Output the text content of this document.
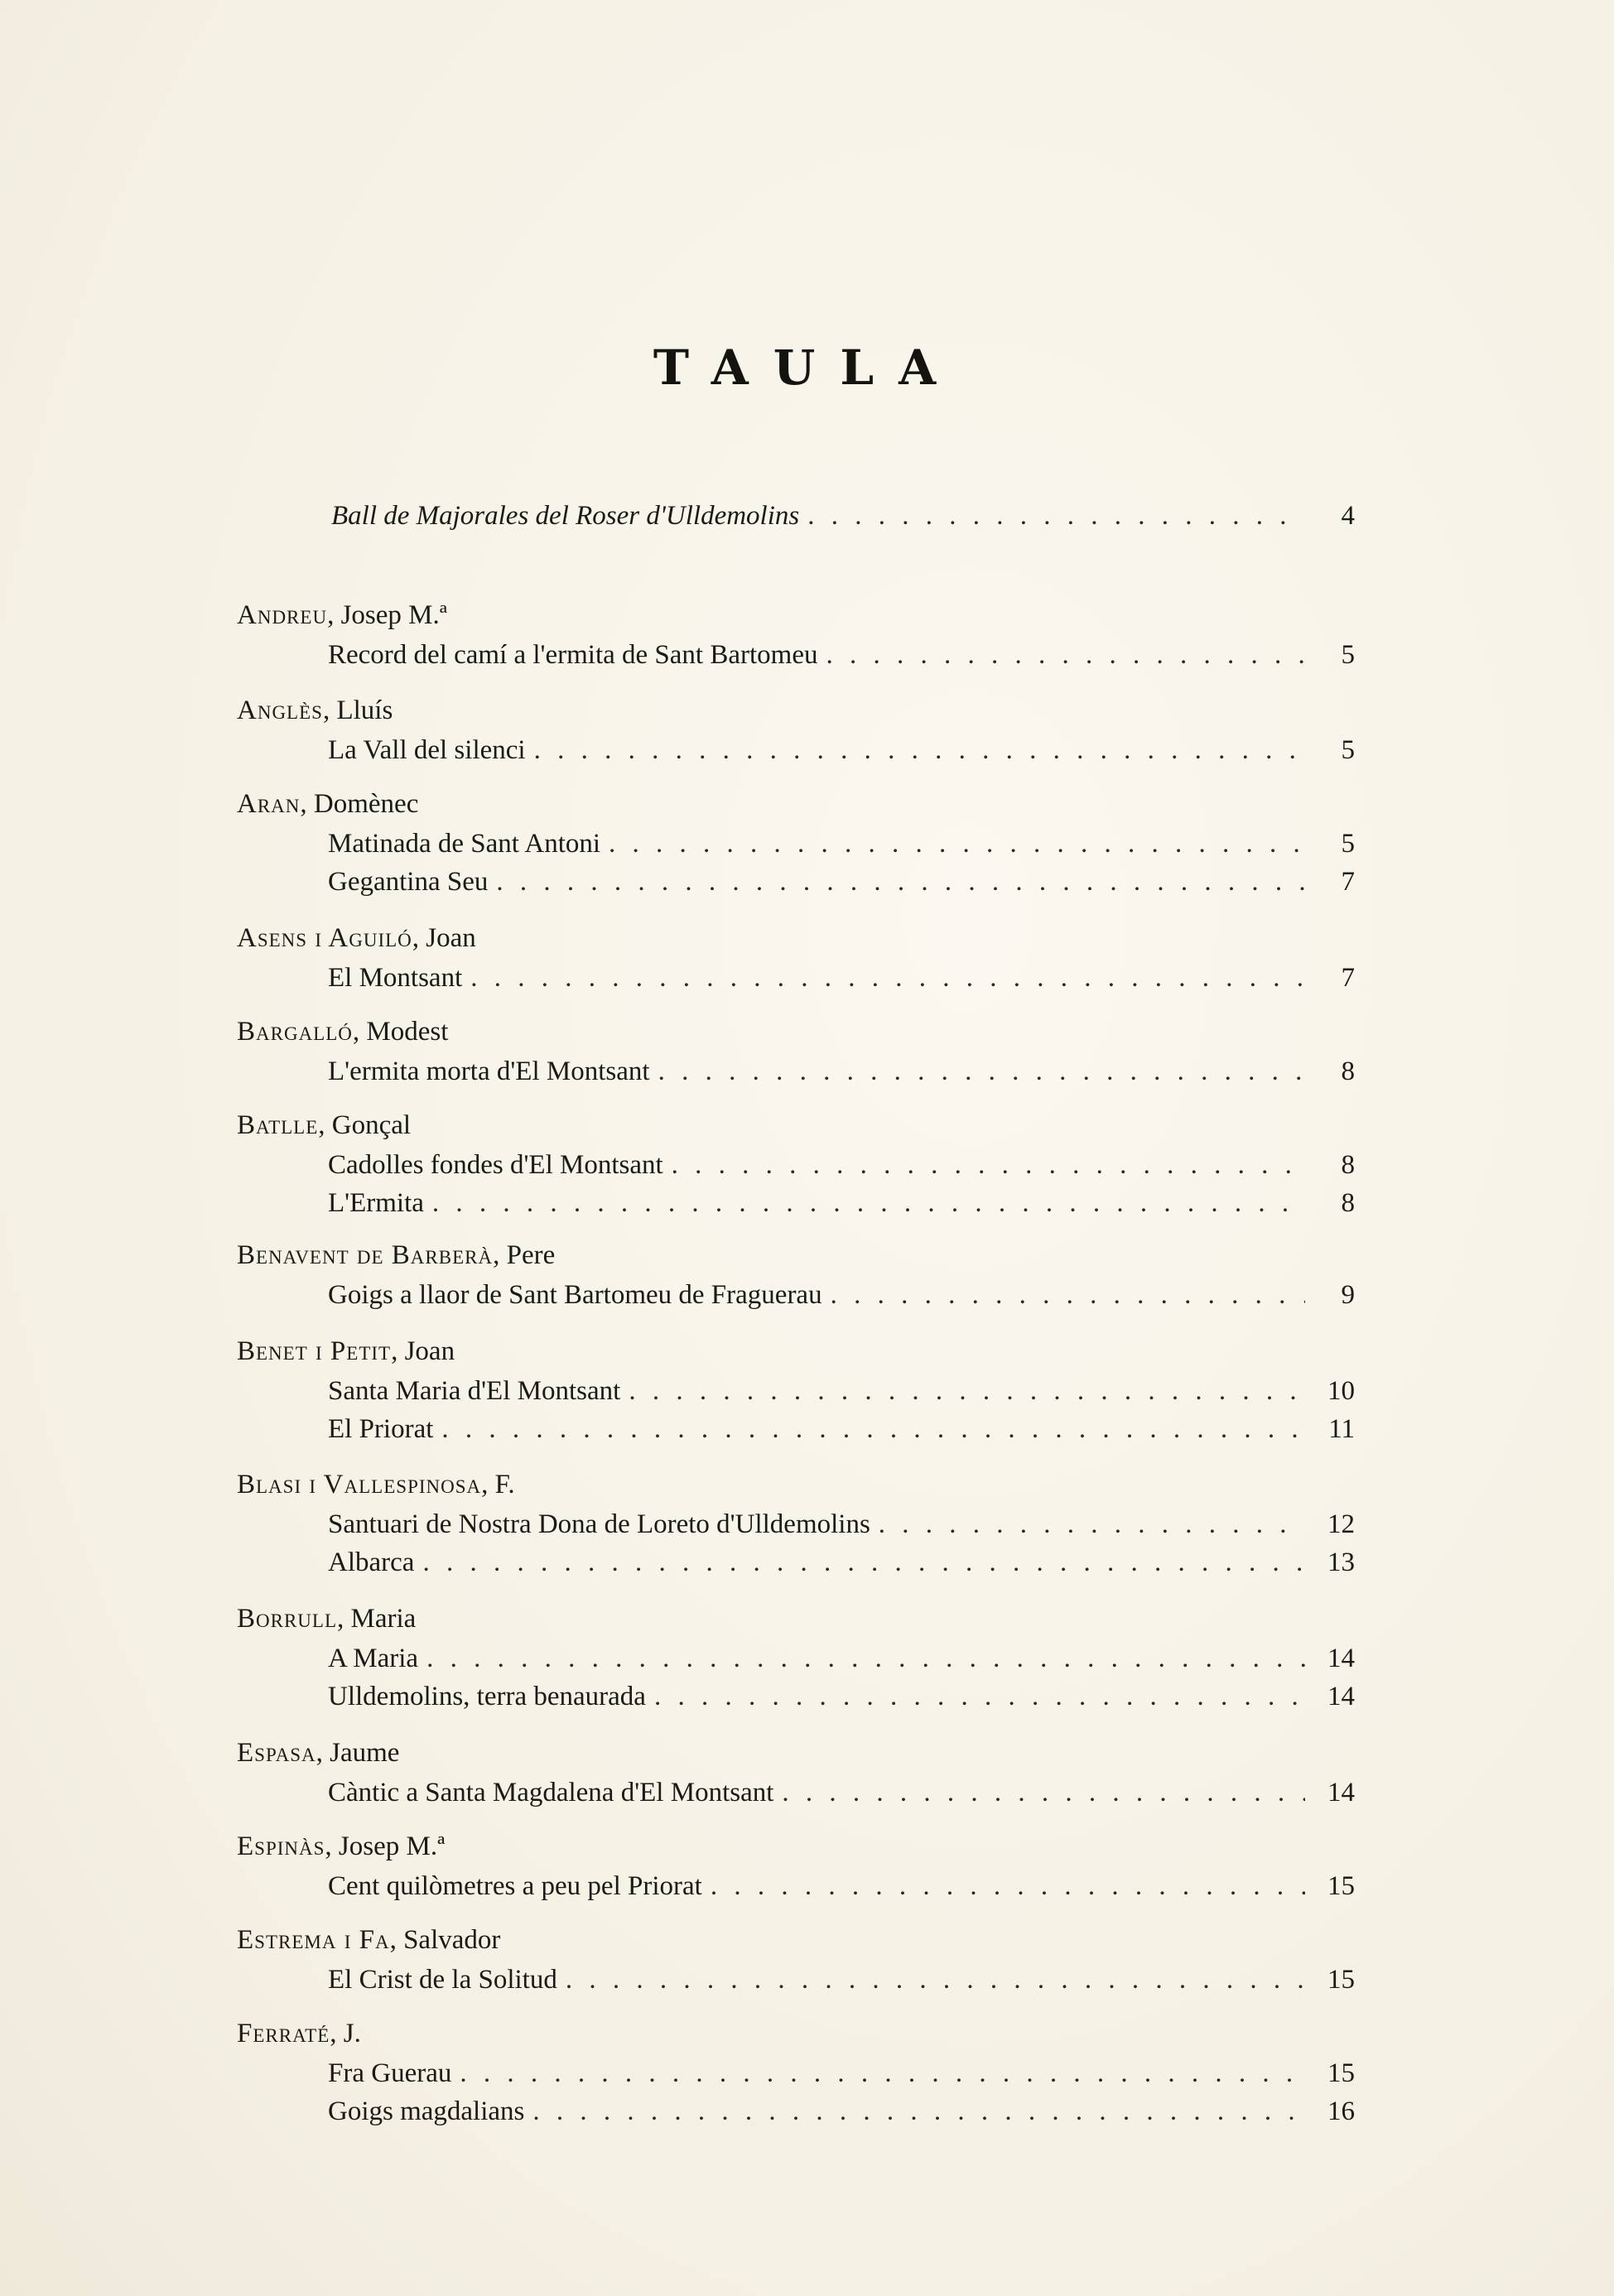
TAULA
Ball de Majorales del Roser d'Ulldemolins . . .	4
Andreu, Josep M.ª
Record del camí a l'ermita de Sant Bartomeu . . .	5
Anglès, Lluís
La Vall del silenci . . .	5
Aran, Domènec
Matinada de Sant Antoni . . .	5
Gegantina Seu . . .	7
Asens i Aguiló, Joan
El Montsant . . .	7
Bargalló, Modest
L'ermita morta d'El Montsant . . .	8
Batlle, Gonçal
Cadolles fondes d'El Montsant . . .	8
L'Ermita . . .	8
Benavent de Barberà, Pere
Goigs a llaor de Sant Bartomeu de Fraguerau . . .	9
Benet i Petit, Joan
Santa Maria d'El Montsant . . .	10
El Priorat . . .	11
Blasi i Vallespinosa, F.
Santuari de Nostra Dona de Loreto d'Ulldemolins . . .	12
Albarca . . .	13
Borrull, Maria
A Maria . . .	14
Ulldemolins, terra benaurada . . .	14
Espasa, Jaume
Càntic a Santa Magdalena d'El Montsant . . .	14
Espinàs, Josep M.ª
Cent quilòmetres a peu pel Priorat . . .	15
Estrema i Fa, Salvador
El Crist de la Solitud . . .	15
Ferraté, J.
Fra Guerau . . .	15
Goigs magdalians . . .	16
